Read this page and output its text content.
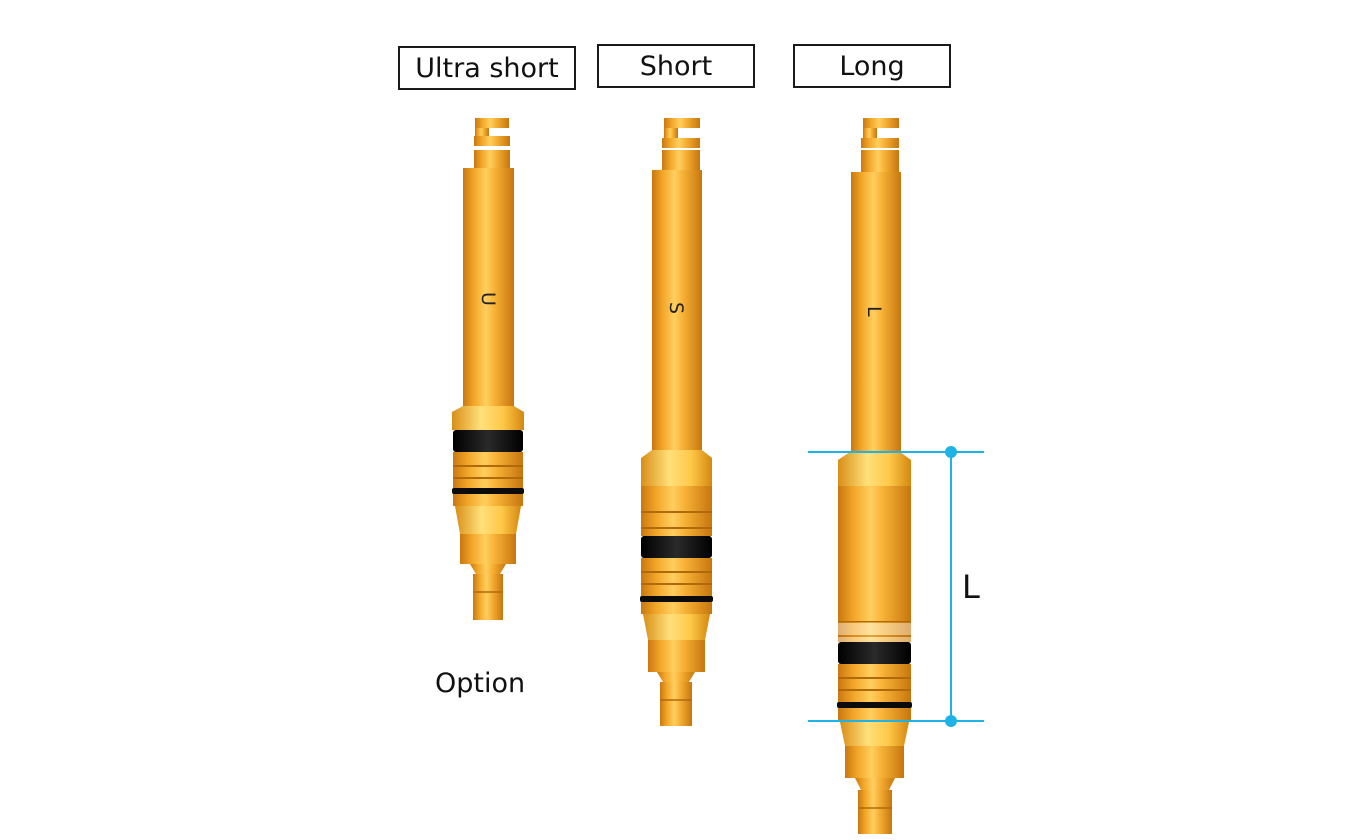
Ultra short	Short	Long
U
S	L
Option
L
